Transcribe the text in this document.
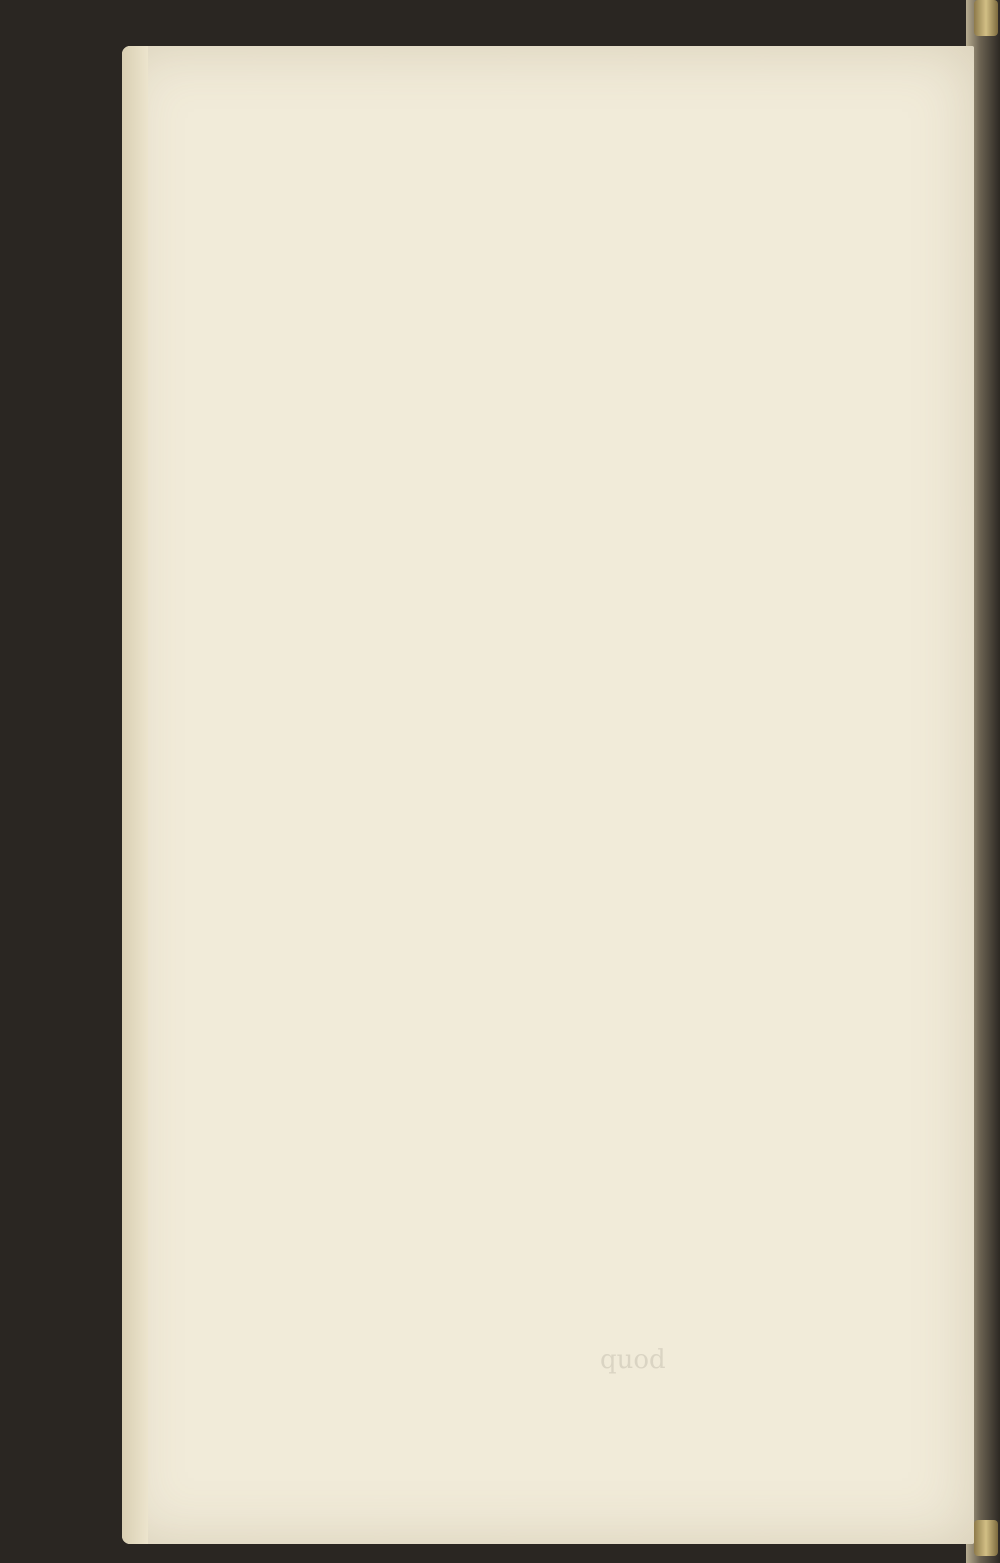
quod
